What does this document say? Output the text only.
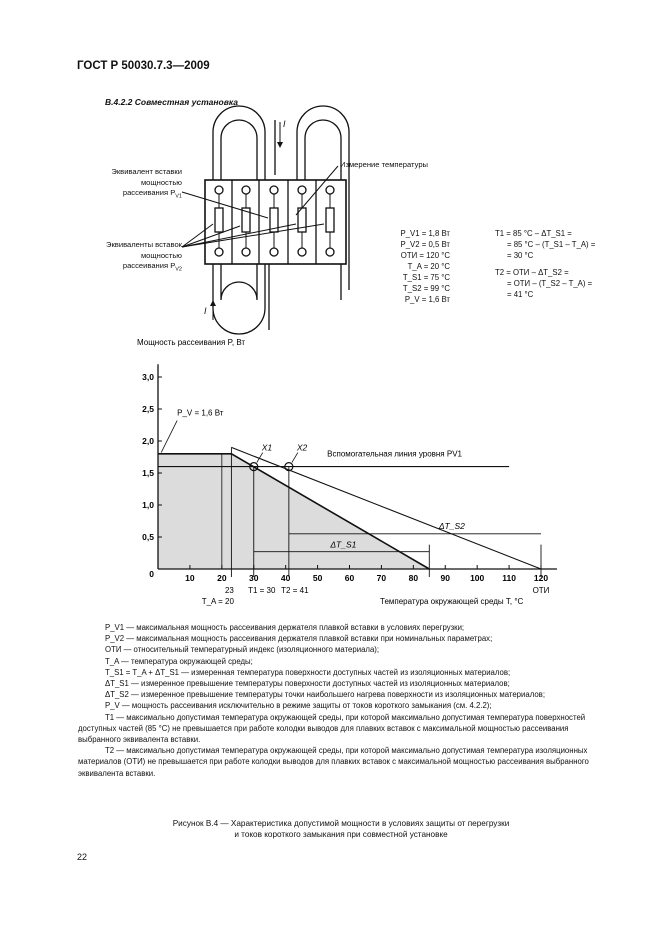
ГОСТ Р 50030.7.3—2009
В.4.2.2 Совместная установка
I
I
Измерение температуры
Эквивалент вставки
мощностью
рассеивания $P_{V1}$
Эквиваленты вставок
мощностью
рассеивания $P_{V2}$
P_V1 = 1,8 Вт
P_V2 = 0,5 Вт
ОТИ = 120 °С
T_A = 20 °С
T_S1 = 75 °С
T_S2 = 99 °С
P_V = 1,6 Вт
T1 = 85 °С – ΔT_S1 =
= 85 °С – (T_S1 – T_A) =
= 30 °С
T2 = ОТИ – ΔT_S2 =
= ОТИ – (T_S2 – T_A) =
= 41 °С
10	20	30	40	50	60	70	80	90 100 110 120
0,5
1,0
1,5
2,0
2,5
3,0
0
Мощность рассеивания P, Вт
Температура окружающей среды T, °С
X1	X2
P_V = 1,6 Вт
Вспомогательная линия уровня PV1
ΔT_S1
ΔT_S2
23 T1 = 30 T2 = 41
T_A = 20
ОТИ

P_V1 — максимальная мощность рассеивания держателя плавкой вставки в условиях перегрузки;

P_V2 — максимальная мощность рассеивания держателя плавкой вставки при номинальных параметрах;

ОТИ — относительный температурный индекс (изоляционного материала);

T_A — температура окружающей среды;

T_S1 = T_A + ΔT_S1 — измеренная температура поверхности доступных частей из изоляционных материалов;

ΔT_S1 — измеренное превышение температуры поверхности доступных частей из изоляционных материалов;

ΔT_S2 — измеренное превышение температуры точки наибольшего нагрева поверхности из изоляционных материалов;

P_V — мощность рассеивания исключительно в режиме защиты от токов короткого замыкания (см. 4.2.2);

T1 — максимально допустимая температура окружающей среды, при которой максимально допустимая температура поверхностей доступных частей (85 °С) не превышается при работе колодки выводов для плавких вставок с максимальной мощностью рассеивания выбранного эквивалента вставки.

T2 — максимально допустимая температура окружающей среды, при которой максимально допустимая температура изоляционных материалов (ОТИ) не превышается при работе колодки выводов для плавких вставок с максимальной мощностью рассеивания выбранного эквивалента вставки.

Рисунок В.4 — Характеристика допустимой мощности в условиях защиты от перегрузки
и токов короткого замыкания при совместной установке
22
